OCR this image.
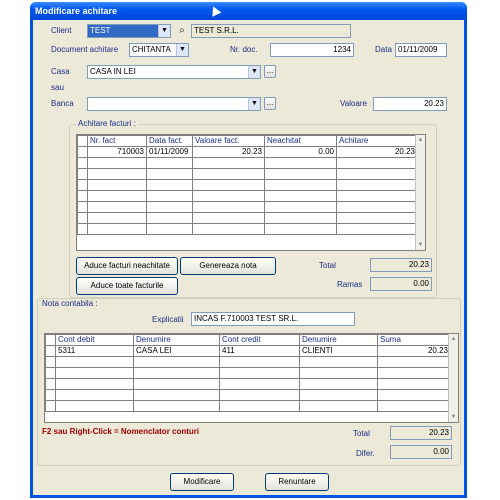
Modificare achitare
Client	TEST	▼	⌕	TEST S.R.L.
Document achitare	CHITANTA	▼	Nr. doc.	1234	Data 01/11/2009
Casa	CASA IN LEI	▼	...
sau
Banca	▼	...	Valoare	20.23
Achitare facturi :
	Nr. fact	Data fact.	Valoare fact.	Neachitat	Achitare
	710003	01/11/2009	20.23	0.00	20.23

▲
▼
Aduce facturi neachitate	Genereaza nota
Aduce toate facturile
Total	20.23
Ramas	0.00
Nota contabila :
Explicatii	INCAS F.710003 TEST SR.L.
	Cont debit	Denumire	Cont credit	Denumire	Suma
	5311	CASA LEI	411	CLIENTI	20.23

▲
▼
F2 sau Right-Click = Nomenclator conturi	Total	20.23
Difer.	0.00
Modificare	Renuntare
